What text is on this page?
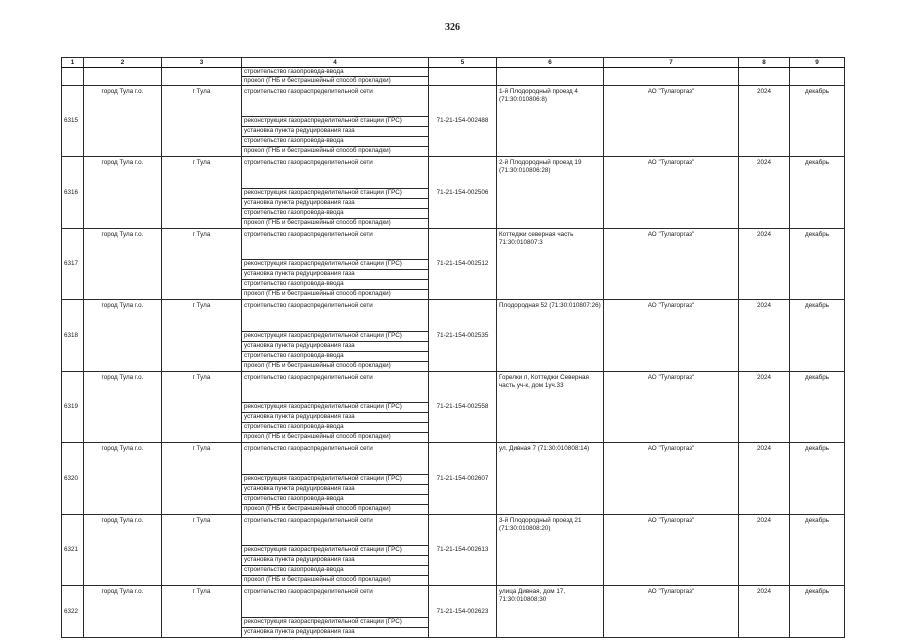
326
1	2	3	4	5	6	7	8	9
			строительство газопровода-ввода					
			прокол (ГНБ и бестраншейный способ прокладки)					
6315	город Тула г.о.	г Тула	строительство газораспределительной сети	71-21-154-002488	1-й Плодородный проезд 4 (71:30:010806:8)	АО "Тулагоргаз"	2024	декабрь

			реконструкция газораспределительной станции (ГРС)					
			установка пункта редуцирования газа					
			строительство газопровода-ввода					
			прокол (ГНБ и бестраншейный способ прокладки)					
6316	город Тула г.о.	г Тула	строительство газораспределительной сети	71-21-154-002506	2-й Плодородный проезд 19 (71:30:010806:28)	АО "Тулагоргаз"	2024	декабрь

			реконструкция газораспределительной станции (ГРС)					
			установка пункта редуцирования газа					
			строительство газопровода-ввода					
			прокол (ГНБ и бестраншейный способ прокладки)					
6317	город Тула г.о.	г Тула	строительство газораспределительной сети	71-21-154-002512	Коттеджи северная часть 71:30:010807:3	АО "Тулагоргаз"	2024	декабрь

			реконструкция газораспределительной станции (ГРС)					
			установка пункта редуцирования газа					
			строительство газопровода-ввода					
			прокол (ГНБ и бестраншейный способ прокладки)					
6318	город Тула г.о.	г Тула	строительство газораспределительной сети	71-21-154-002535	Плодородная 52 (71:30:010807:26)	АО "Тулагоргаз"	2024	декабрь

			реконструкция газораспределительной станции (ГРС)					
			установка пункта редуцирования газа					
			строительство газопровода-ввода					
			прокол (ГНБ и бестраншейный способ прокладки)					
6319	город Тула г.о.	г Тула	строительство газораспределительной сети	71-21-154-002558	Горелки п, Коттеджи Северная часть уч-к, дом 1уч.33	АО "Тулагоргаз"	2024	декабрь

			реконструкция газораспределительной станции (ГРС)					
			установка пункта редуцирования газа					
			строительство газопровода-ввода					
			прокол (ГНБ и бестраншейный способ прокладки)					
6320	город Тула г.о.	г Тула	строительство газораспределительной сети	71-21-154-002607	ул. Дивная 7 (71:30:010808:14)	АО "Тулагоргаз"	2024	декабрь

			реконструкция газораспределительной станции (ГРС)					
			установка пункта редуцирования газа					
			строительство газопровода-ввода					
			прокол (ГНБ и бестраншейный способ прокладки)					
6321	город Тула г.о.	г Тула	строительство газораспределительной сети	71-21-154-002613	3-й Плодородный проезд 21 (71:30:010808:20)	АО "Тулагоргаз"	2024	декабрь

			реконструкция газораспределительной станции (ГРС)					
			установка пункта редуцирования газа					
			строительство газопровода-ввода					
			прокол (ГНБ и бестраншейный способ прокладки)					
6322	город Тула г.о.	г Тула	строительство газораспределительной сети	71-21-154-002623	улица Дивная, дом 17, 71:30:010808:30	АО "Тулагоргаз"	2024	декабрь

			реконструкция газораспределительной станции (ГРС)					
			установка пункта редуцирования газа					
